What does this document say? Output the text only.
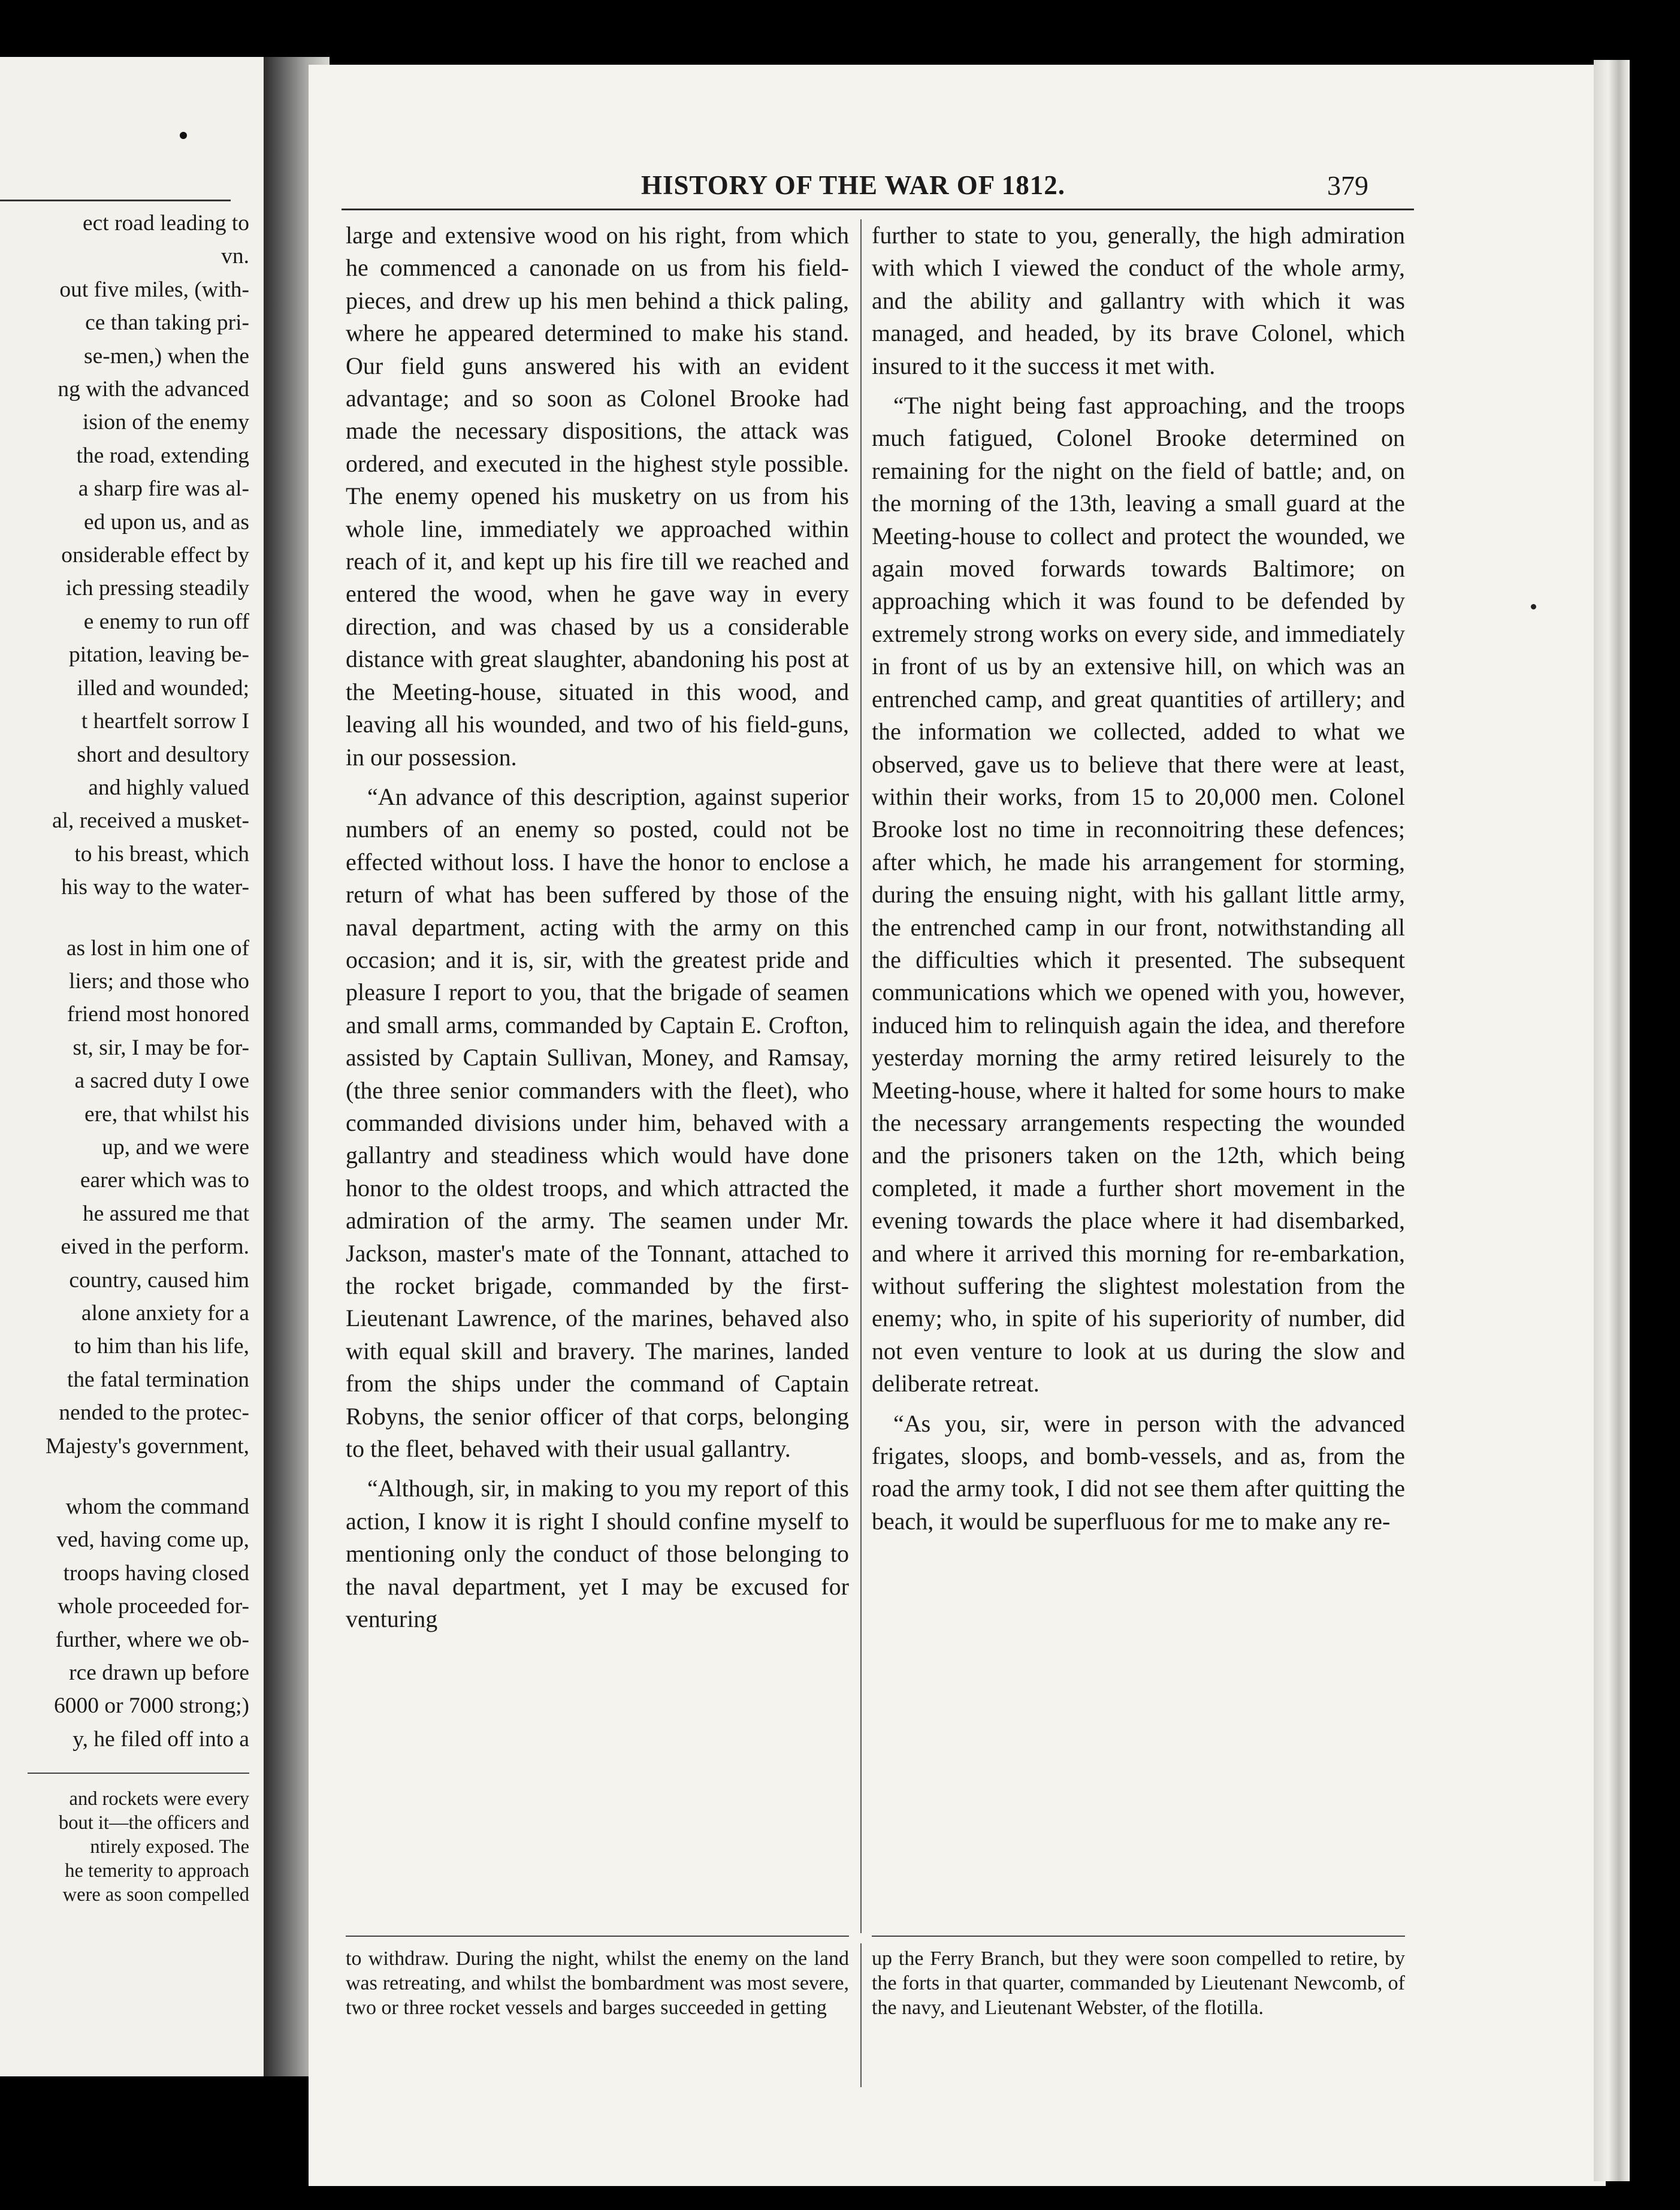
ect road leading to

vn.

out five miles, (with-

ce than taking pri-

se-men,) when the

ng with the advanced

ision of the enemy

the road, extending

a sharp fire was al-

ed upon us, and as

onsiderable effect by

ich pressing steadily

e enemy to run off

pitation, leaving be-

illed and wounded;

t heartfelt sorrow I

short and desultory

and highly valued

al, received a musket-

to his breast, which

his way to the water-

as lost in him one of

liers; and those who

friend most honored

st, sir, I may be for-

a sacred duty I owe

ere, that whilst his

up, and we were

earer which was to

he assured me that

eived in the perform.

country, caused him

alone anxiety for a

to him than his life,

the fatal termination

nended to the protec-

Majesty's government,

whom the command

ved, having come up,

troops having closed

whole proceeded for-

further, where we ob-

rce drawn up before

6000 or 7000 strong;)

y, he filed off into a

and rockets were every

bout it—the officers and

ntirely exposed. The

he temerity to approach

were as soon compelled

HISTORY OF THE WAR OF 1812.	379

large and extensive wood on his right, from which he commenced a canonade on us from his field-pieces, and drew up his men behind a thick paling, where he appeared determined to make his stand. Our field guns answered his with an evident advantage; and so soon as Colonel Brooke had made the necessary dispositions, the attack was ordered, and executed in the highest style possible. The enemy opened his musketry on us from his whole line, immediately we approached within reach of it, and kept up his fire till we reached and entered the wood, when he gave way in every direction, and was chased by us a considerable distance with great slaughter, abandoning his post at the Meeting-house, situated in this wood, and leaving all his wounded, and two of his field-guns, in our possession.

“An advance of this description, against superior numbers of an enemy so posted, could not be effected without loss. I have the honor to enclose a return of what has been suffered by those of the naval department, acting with the army on this occasion; and it is, sir, with the greatest pride and pleasure I report to you, that the brigade of seamen and small arms, commanded by Captain E. Crofton, assisted by Captain Sullivan, Money, and Ramsay, (the three senior commanders with the fleet), who commanded divisions under him, behaved with a gallantry and steadiness which would have done honor to the oldest troops, and which attracted the admiration of the army. The seamen under Mr. Jackson, master's mate of the Tonnant, attached to the rocket brigade, commanded by the first-Lieutenant Lawrence, of the marines, behaved also with equal skill and bravery. The marines, landed from the ships under the command of Captain Robyns, the senior officer of that corps, belonging to the fleet, behaved with their usual gallantry.

“Although, sir, in making to you my report of this action, I know it is right I should confine myself to mentioning only the conduct of those belonging to the naval department, yet I may be excused for venturing

further to state to you, generally, the high admiration with which I viewed the conduct of the whole army, and the ability and gallantry with which it was managed, and headed, by its brave Colonel, which insured to it the success it met with.

“The night being fast approaching, and the troops much fatigued, Colonel Brooke determined on remaining for the night on the field of battle; and, on the morning of the 13th, leaving a small guard at the Meeting-house to collect and protect the wounded, we again moved forwards towards Baltimore; on approaching which it was found to be defended by extremely strong works on every side, and immediately in front of us by an extensive hill, on which was an entrenched camp, and great quantities of artillery; and the information we collected, added to what we observed, gave us to believe that there were at least, within their works, from 15 to 20,000 men. Colonel Brooke lost no time in reconnoitring these defences; after which, he made his arrangement for storming, during the ensuing night, with his gallant little army, the entrenched camp in our front, notwithstanding all the difficulties which it presented. The subsequent communications which we opened with you, however, induced him to relinquish again the idea, and therefore yesterday morning the army retired leisurely to the Meeting-house, where it halted for some hours to make the necessary arrangements respecting the wounded and the prisoners taken on the 12th, which being completed, it made a further short movement in the evening towards the place where it had disembarked, and where it arrived this morning for re-embarkation, without suffering the slightest molestation from the enemy; who, in spite of his superiority of number, did not even venture to look at us during the slow and deliberate retreat.

“As you, sir, were in person with the advanced frigates, sloops, and bomb-vessels, and as, from the road the army took, I did not see them after quitting the beach, it would be superfluous for me to make any re-

to withdraw. During the night, whilst the enemy on the land was retreating, and whilst the bombardment was most severe, two or three rocket vessels and barges succeeded in getting
up the Ferry Branch, but they were soon compelled to retire, by the forts in that quarter, commanded by Lieutenant Newcomb, of the navy, and Lieutenant Webster, of the flotilla.
